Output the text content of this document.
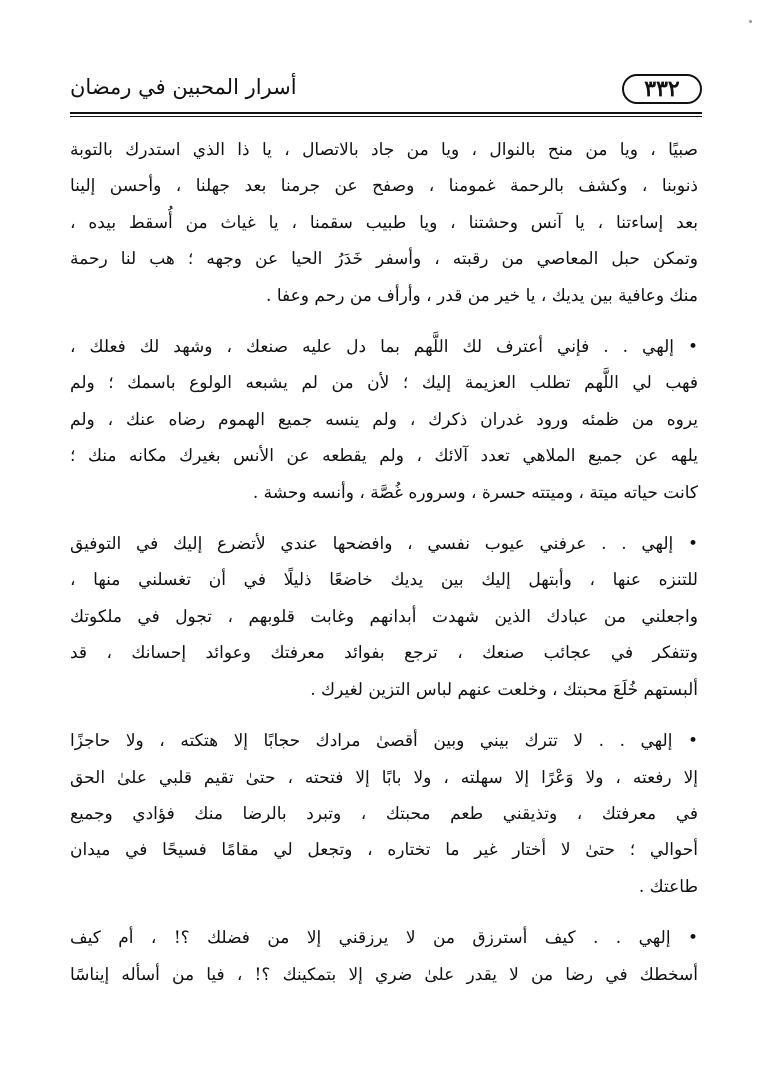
٣٣٢
أسرار المحبين في رمضان
صبيًا ، ويا من منح بالنوال ، ويا من جاد بالاتصال ، يا ذا الذي استدرك بالتوبة
ذنوبنا ، وكشف بالرحمة غمومنا ، وصفح عن جرمنا بعد جهلنا ، وأحسن إلينا
بعد إساءتنا ، يا آنس وحشتنا ، ويا طبيب سقمنا ، يا غياث من أُسقط بيده ،
وتمكن حبل المعاصي من رقبته ، وأسفر خَدَرُ الحيا عن وجهه ؛ هب لنا رحمة
منك وعافية بين يديك ، يا خير من قدر ، وأرأف من رحم وعفا .
• إلهي . . فإني أعترف لك اللَّهم بما دل عليه صنعك ، وشهد لك فعلك ،
فهب لي اللَّهم تطلب العزيمة إليك ؛ لأن من لم يشبعه الولوع باسمك ؛ ولم
يروه من ظمئه ورود غدران ذكرك ، ولم ينسه جميع الهموم رضاه عنك ، ولم
يلهه عن جميع الملاهي تعدد آلائك ، ولم يقطعه عن الأنس بغيرك مكانه منك ؛
كانت حياته ميتة ، وميتته حسرة ، وسروره غُصَّة ، وأنسه وحشة .
• إلهي . . عرفني عيوب نفسي ، وافضحها عندي لأتضرع إليك في التوفيق
للتنزه عنها ، وأبتهل إليك بين يديك خاضعًا ذليلًا في أن تغسلني منها ،
واجعلني من عبادك الذين شهدت أبدانهم وغابت قلوبهم ، تجول في ملكوتك
وتتفكر في عجائب صنعك ، ترجع بفوائد معرفتك وعوائد إحسانك ، قد
ألبستهم خُلَعَ محبتك ، وخلعت عنهم لباس التزين لغيرك .
• إلهي . . لا تترك بيني وبين أقصىٰ مرادك حجابًا إلا هتكته ، ولا حاجزًا
إلا رفعته ، ولا وَعْرًا إلا سهلته ، ولا بابًا إلا فتحته ، حتىٰ تقيم قلبي علىٰ الحق
في معرفتك ، وتذيقني طعم محبتك ، وتبرد بالرضا منك فؤادي وجميع
أحوالي ؛ حتىٰ لا أختار غير ما تختاره ، وتجعل لي مقامًا فسيحًا في ميدان
طاعتك .
• إلهي . . كيف أسترزق من لا يرزقني إلا من فضلك ؟! ، أم كيف
أسخطك في رضا من لا يقدر علىٰ ضري إلا بتمكينك ؟! ، فيا من أسأله إيناسًا
